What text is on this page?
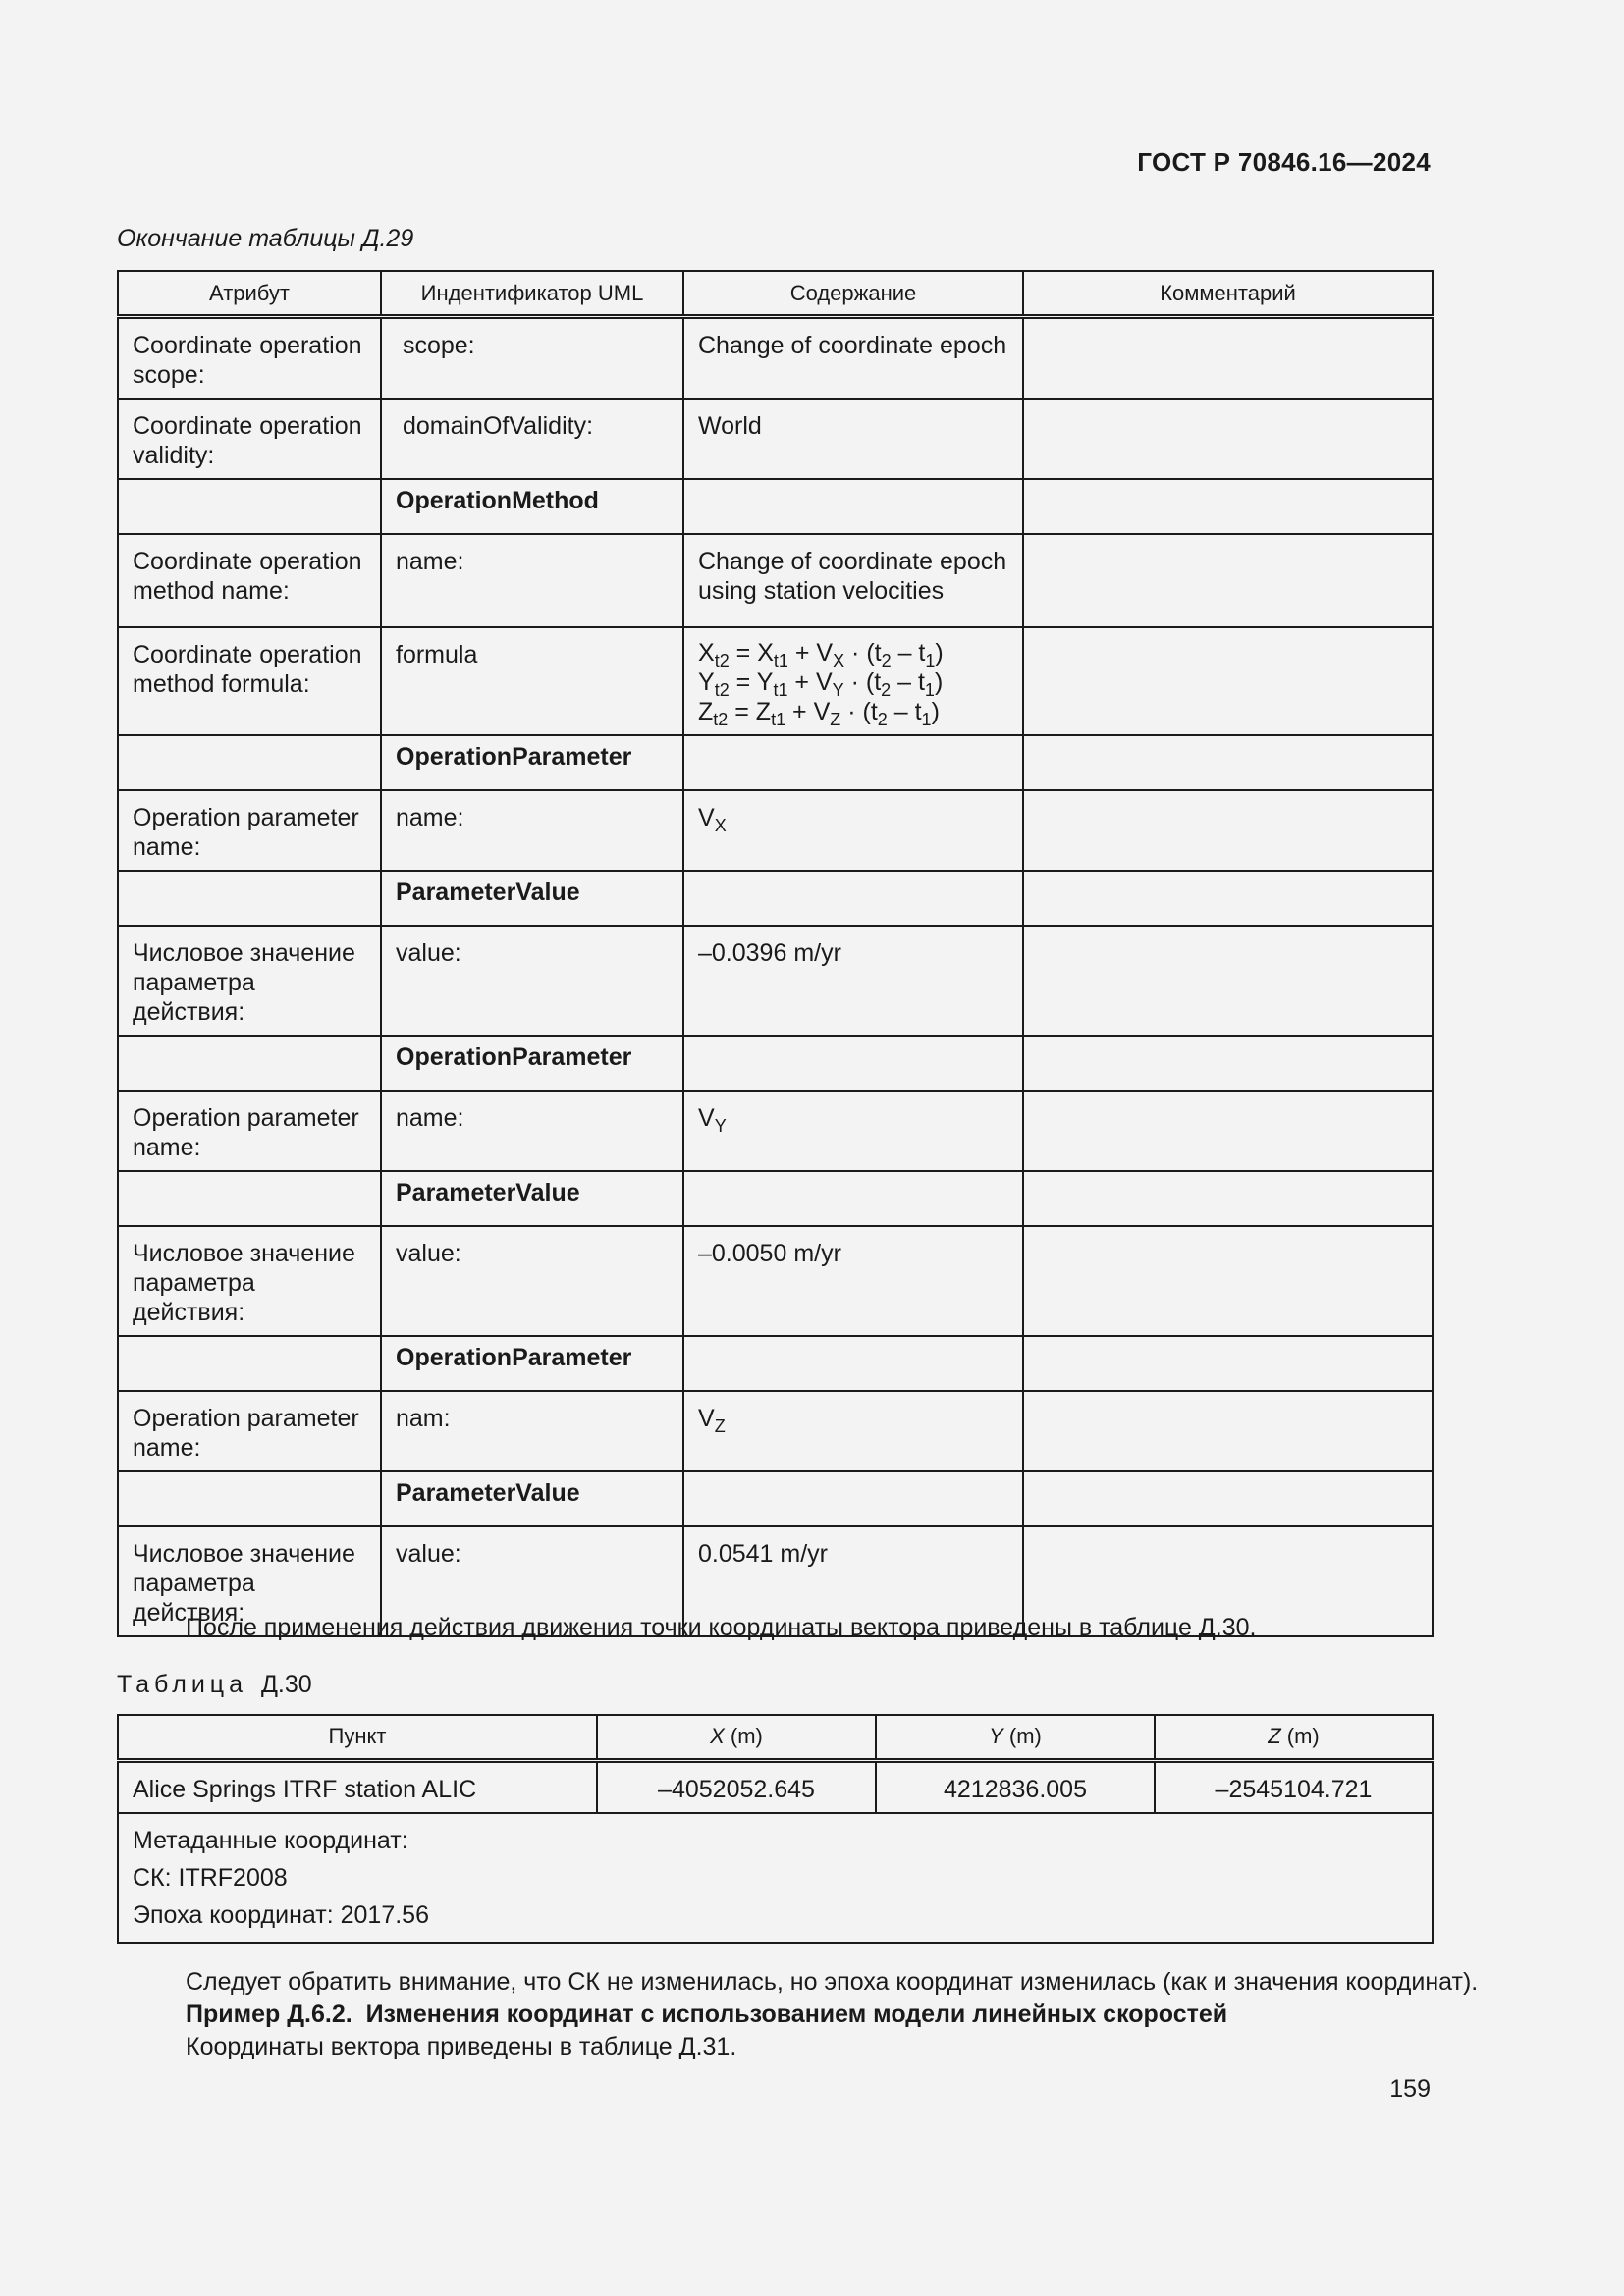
ГОСТ Р 70846.16—2024
Окончание таблицы Д.29
Атрибут	Индентификатор UML	Содержание	Комментарий
Coordinate operation scope:	scope:	Change of coordinate epoch	
Coordinate operation validity:	domainOfValidity:	World	
	OperationMethod		
Coordinate operation method name:	name:	Change of coordinate epoch using station velocities	
Coordinate operation method formula:	formula	$X_{t2} = X_{t1} + V_X \cdot (t_2 - t_1)$
$Y_{t2} = Y_{t1} + V_Y \cdot (t_2 - t_1)$
$Z_{t2} = Z_{t1} + V_Z \cdot (t_2 - t_1)$	

	OperationParameter		
Operation parameter name:	name:	$V_X$	
	ParameterValue		
Числовое значение параметра действия:	value:	–0.0396 m/yr	
	OperationParameter		
Operation parameter name:	name:	$V_Y$	
	ParameterValue		
Числовое значение параметра действия:	value:	–0.0050 m/yr	
	OperationParameter		
Operation parameter name:	nam:	$V_Z$	
	ParameterValue		
Числовое значение параметра действия:	value:	0.0541 m/yr	
После применения действия движения точки координаты вектора приведены в таблице Д.30.
Таблица Д.30
Пункт	X (m)	Y (m)	Z (m)
Alice Springs ITRF station ALIC	–4052052.645	4212836.005	–2545104.721

Метаданные координат:
СК: ITRF2008
Эпоха координат: 2017.56			
Следует обратить внимание, что СК не изменилась, но эпоха координат изменилась (как и значения координат).
Пример Д.6.2.  Изменения координат с использованием модели линейных скоростей
Координаты вектора приведены в таблице Д.31.
159
